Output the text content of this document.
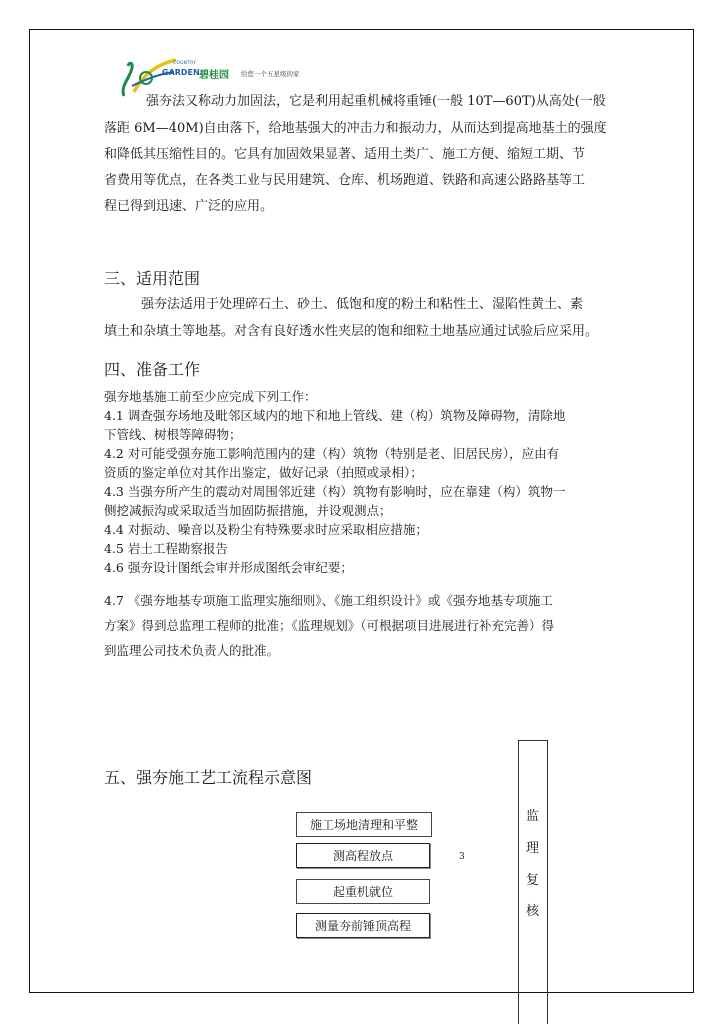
COUNTRY
GARDEN 碧桂园 给您一个五星级的家

强夯法又称动力加固法，它是利用起重机械将重锤(一般 10T—60T)从高处(一般

落距 6M—40M)自由落下，给地基强大的冲击力和振动力，从而达到提高地基土的强度

和降低其压缩性目的。它具有加固效果显著、适用土类广、施工方便、缩短工期、节

省费用等优点，在各类工业与民用建筑、仓库、机场跑道、铁路和高速公路路基等工

程已得到迅速、广泛的应用。

三、适用范围

强夯法适用于处理碎石土、砂土、低饱和度的粉土和粘性土、湿陷性黄土、素

填土和杂填土等地基。对含有良好透水性夹层的饱和细粒土地基应通过试验后应采用。

四、准备工作

强夯地基施工前至少应完成下列工作：

4.1 调查强夯场地及毗邻区域内的地下和地上管线、建（构）筑物及障碍物，清除地

下管线、树根等障碍物；

4.2 对可能受强夯施工影响范围内的建（构）筑物（特别是老、旧居民房），应由有

资质的鉴定单位对其作出鉴定，做好记录（拍照或录相）；

4.3 当强夯所产生的震动对周围邻近建（构）筑物有影响时，应在靠建（构）筑物一

侧挖减振沟或采取适当加固防振措施，并设观测点；

4.4 对振动、噪音以及粉尘有特殊要求时应采取相应措施；

4.5 岩土工程勘察报告

4.6 强夯设计图纸会审并形成图纸会审纪要；

4.7 《强夯地基专项施工监理实施细则》、《施工组织设计》或《强夯地基专项施工

方案》得到总监理工程师的批准；《监理规划》（可根据项目进展进行补充完善）得

到监理公司技术负责人的批准。

五、强夯施工艺工流程示意图
施工场地清理和平整
测高程放点
起重机就位
测量夯前锤顶高程
3
监
理
复
核
